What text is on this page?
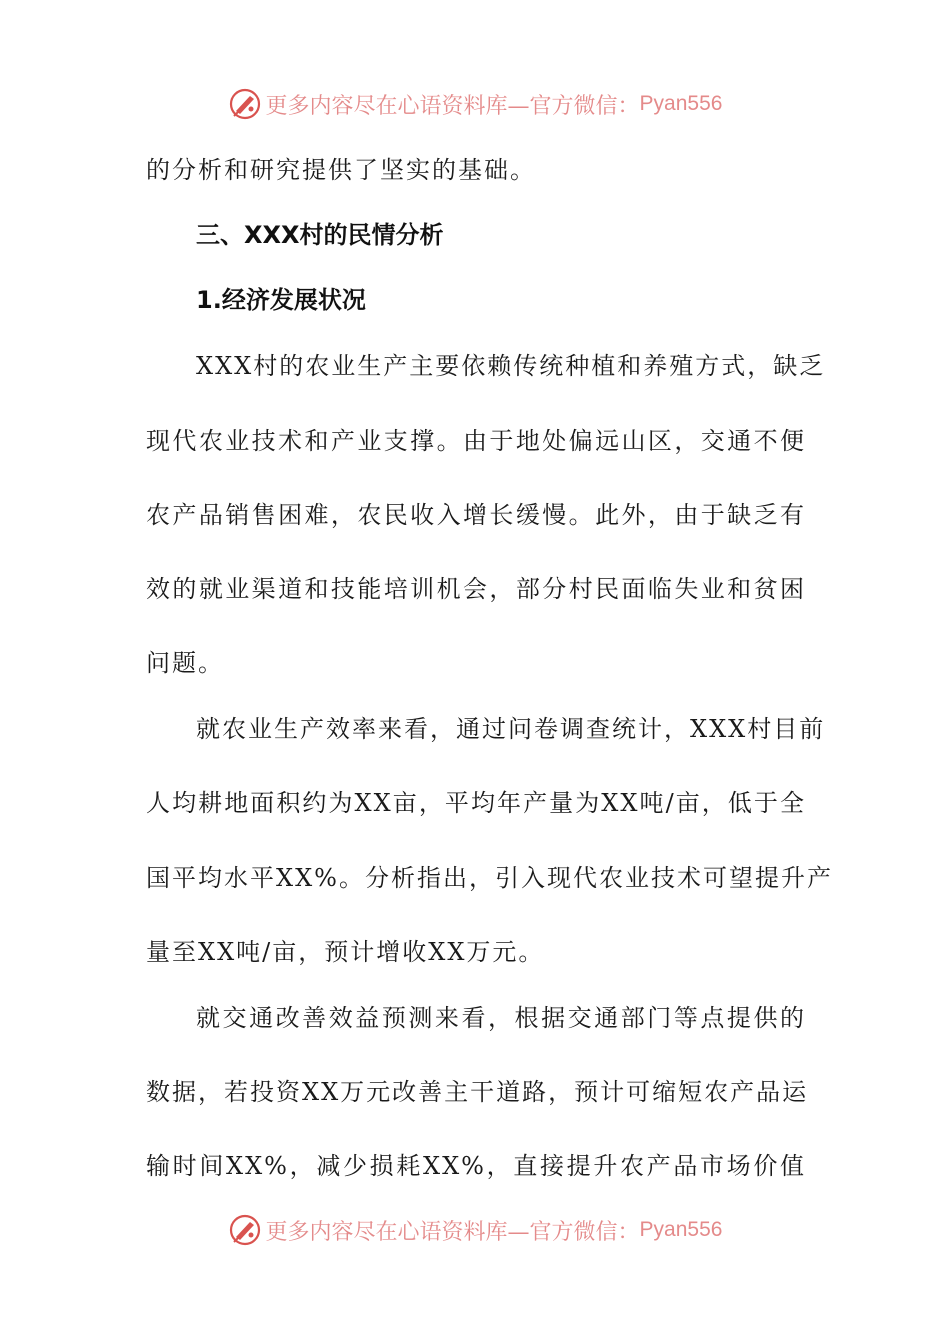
更多内容尽在心语资料库—官方微信： Pyan556
的分析和研究提供了坚实的基础。
三、XXX村的民情分析
1.经济发展状况
XXX村的农业生产主要依赖传统种植和养殖方式，缺乏
现代农业技术和产业支撑。由于地处偏远山区，交通不便
农产品销售困难，农民收入增长缓慢。此外，由于缺乏有
效的就业渠道和技能培训机会，部分村民面临失业和贫困
问题。
就农业生产效率来看，通过问卷调查统计，XXX村目前
人均耕地面积约为XX亩，平均年产量为XX吨/亩，低于全
国平均水平XX%。分析指出，引入现代农业技术可望提升产
量至XX吨/亩，预计增收XX万元。
就交通改善效益预测来看，根据交通部门等点提供的
数据，若投资XX万元改善主干道路，预计可缩短农产品运
输时间XX%，减少损耗XX%，直接提升农产品市场价值
更多内容尽在心语资料库—官方微信： Pyan556
